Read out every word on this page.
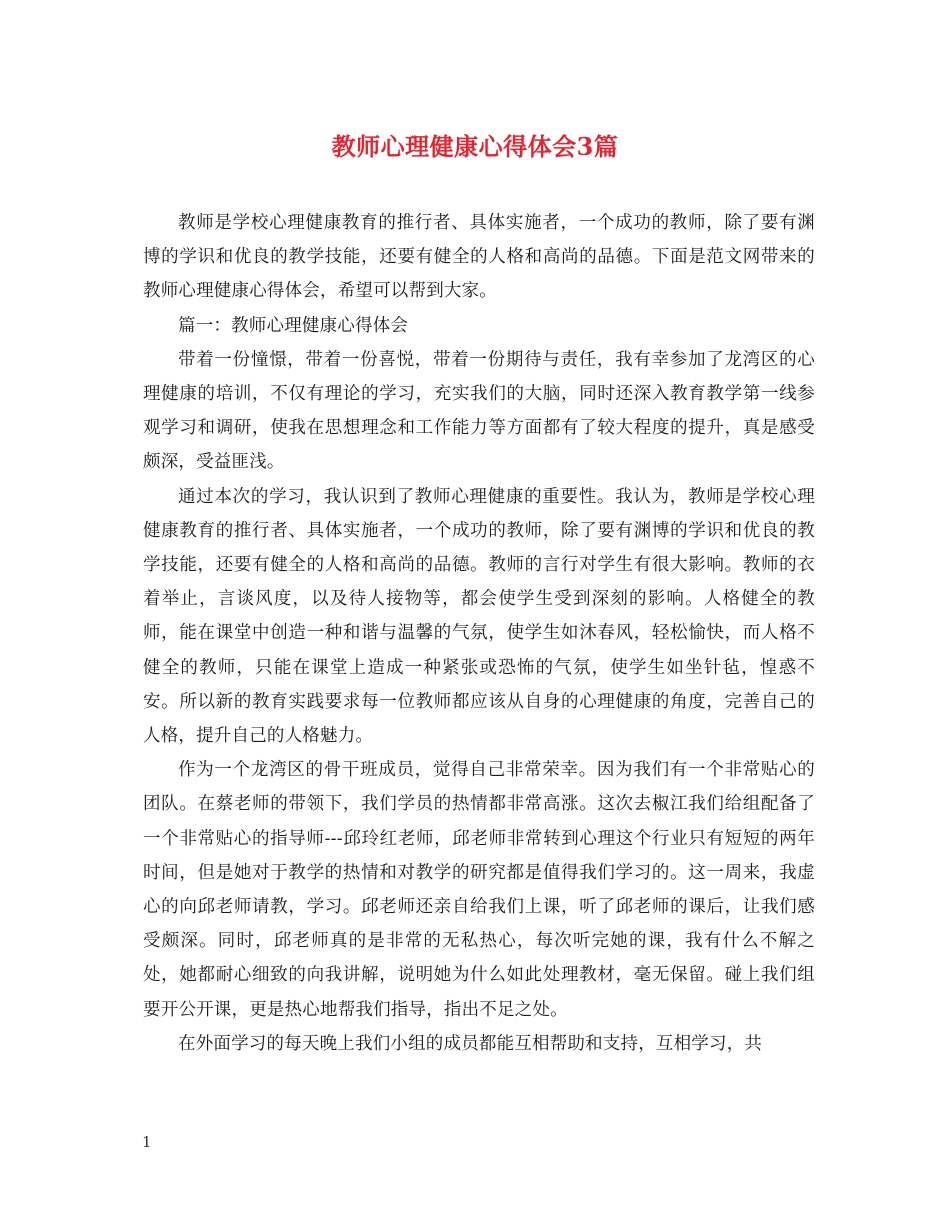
教师心理健康心得体会3篇

教师是学校心理健康教育的推行者、具体实施者，一个成功的教师，除了要有渊博的学识和优良的教学技能，还要有健全的人格和高尚的品德。下面是范文网带来的教师心理健康心得体会，希望可以帮到大家。

篇一：教师心理健康心得体会

带着一份憧憬，带着一份喜悦，带着一份期待与责任，我有幸参加了龙湾区的心理健康的培训，不仅有理论的学习，充实我们的大脑，同时还深入教育教学第一线参观学习和调研，使我在思想理念和工作能力等方面都有了较大程度的提升，真是感受颇深，受益匪浅。

通过本次的学习，我认识到了教师心理健康的重要性。我认为，教师是学校心理健康教育的推行者、具体实施者，一个成功的教师，除了要有渊博的学识和优良的教学技能，还要有健全的人格和高尚的品德。教师的言行对学生有很大影响。教师的衣着举止，言谈风度，以及待人接物等，都会使学生受到深刻的影响。人格健全的教师，能在课堂中创造一种和谐与温馨的气氛，使学生如沐春风，轻松愉快，而人格不健全的教师，只能在课堂上造成一种紧张或恐怖的气氛，使学生如坐针毡，惶惑不安。所以新的教育实践要求每一位教师都应该从自身的心理健康的角度，完善自己的人格，提升自己的人格魅力。

作为一个龙湾区的骨干班成员，觉得自己非常荣幸。因为我们有一个非常贴心的团队。在蔡老师的带领下，我们学员的热情都非常高涨。这次去椒江我们给组配备了一个非常贴心的指导师---邱玲红老师，邱老师非常转到心理这个行业只有短短的两年时间，但是她对于教学的热情和对教学的研究都是值得我们学习的。这一周来，我虚心的向邱老师请教，学习。邱老师还亲自给我们上课，听了邱老师的课后，让我们感受颇深。同时，邱老师真的是非常的无私热心，每次听完她的课，我有什么不解之处，她都耐心细致的向我讲解，说明她为什么如此处理教材，毫无保留。碰上我们组要开公开课，更是热心地帮我们指导，指出不足之处。

在外面学习的每天晚上我们小组的成员都能互相帮助和支持，互相学习，共

1
